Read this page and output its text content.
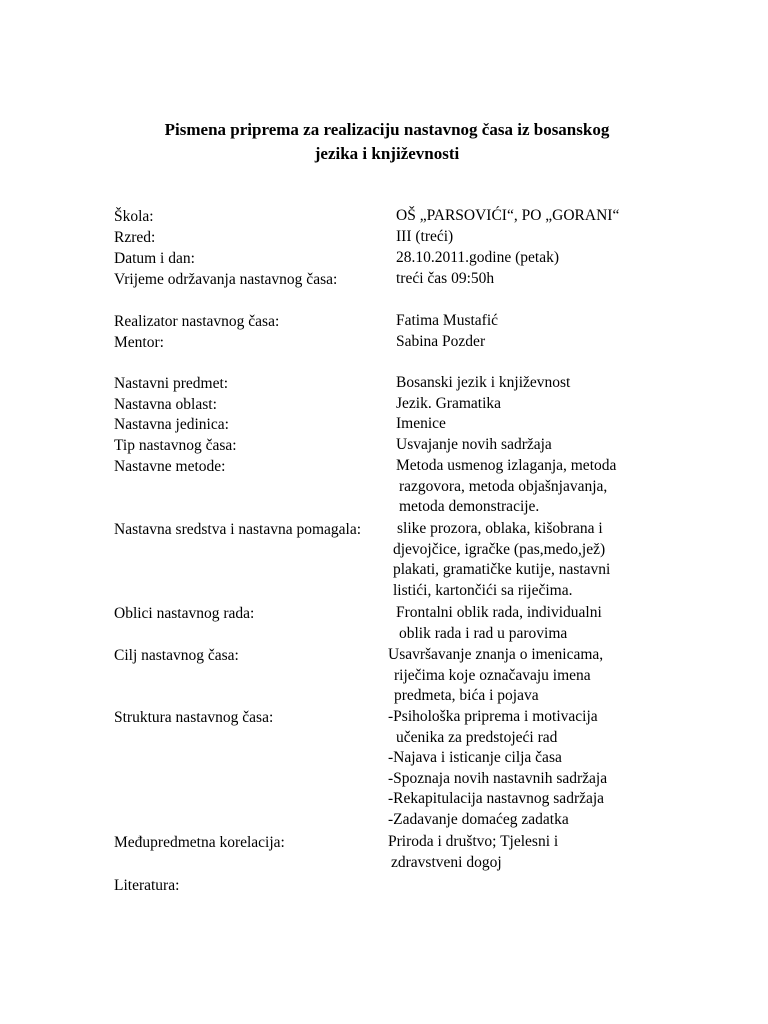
Pismena priprema za realizaciju nastavnog časa iz bosanskog
jezika i književnosti
Škola:	OŠ „PARSOVIĆI“, PO „GORANI“
Rzred:	III (treći)
Datum i dan:	28.10.2011.godine (petak)
Vrijeme održavanja nastavnog časa:	treći čas 09:50h
Realizator nastavnog časa:	Fatima Mustafić
Mentor:	Sabina Pozder
Nastavni predmet:	Bosanski jezik i književnost
Nastavna oblast:	Jezik. Gramatika
Nastavna jedinica:	Imenice
Tip nastavnog časa:	Usvajanje novih sadržaja
Nastavne metode:	Metoda usmenog izlaganja, metoda
razgovora, metoda objašnjavanja,
metoda demonstracije.
Nastavna sredstva i nastavna pomagala: slike prozora, oblaka, kišobrana i
djevojčice, igračke (pas,medo,jež)
plakati, gramatičke kutije, nastavni
listići, kartončići sa riječima.
Oblici nastavnog rada:	Frontalni oblik rada, individualni
oblik rada i rad u parovima
Cilj nastavnog časa:	Usavršavanje znanja o imenicama,
riječima koje označavaju imena
predmeta, bića i pojava
Struktura nastavnog časa:	-Psihološka priprema i motivacija
učenika za predstojeći rad
-Najava i isticanje cilja časa
-Spoznaja novih nastavnih sadržaja
-Rekapitulacija nastavnog sadržaja
-Zadavanje domaćeg zadatka
Međupredmetna korelacija:	Priroda i društvo; Tjelesni i
zdravstveni dogoj
Literatura:
